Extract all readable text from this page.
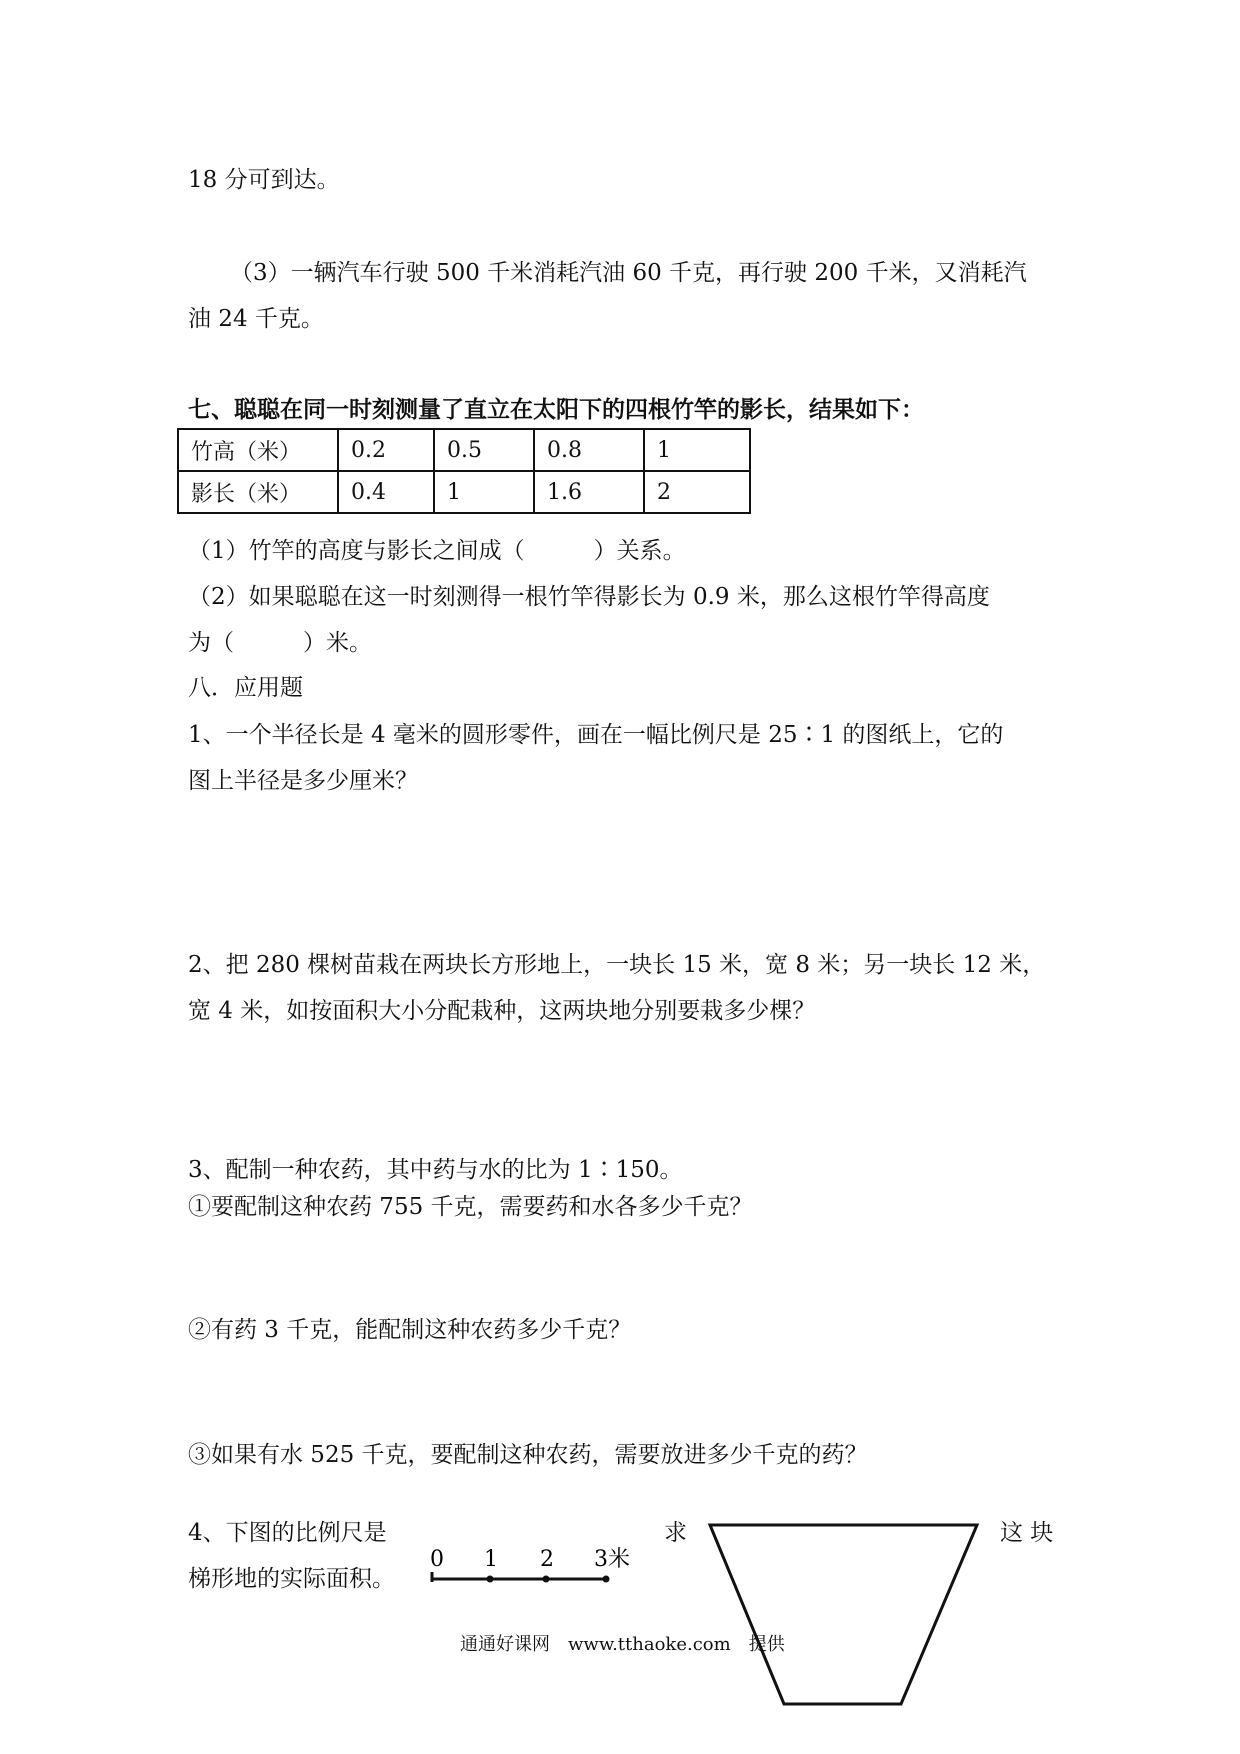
18 分可到达。
（3）一辆汽车行驶 500 千米消耗汽油 60 千克，再行驶 200 千米，又消耗汽
油 24 千克。
七、聪聪在同一时刻测量了直立在太阳下的四根竹竿的影长，结果如下：
竹高（米）	0.2	0.5	0.8	1
影长（米）	0.4	1	1.6	2
（1）竹竿的高度与影长之间成（　　　）关系。
（2）如果聪聪在这一时刻测得一根竹竿得影长为 0.9 米，那么这根竹竿得高度
为（　　　）米。
八．应用题
1、一个半径长是 4 毫米的圆形零件，画在一幅比例尺是 25∶1 的图纸上，它的
图上半径是多少厘米？
2、把 280 棵树苗栽在两块长方形地上，一块长 15 米，宽 8 米；另一块长 12 米，
宽 4 米，如按面积大小分配栽种，这两块地分别要栽多少棵？
3、配制一种农药，其中药与水的比为 1∶150。
①要配制这种农药 755 千克，需要药和水各多少千克？
②有药 3 千克，能配制这种农药多少千克？
③如果有水 525 千克，要配制这种农药，需要放进多少千克的药？
4、下图的比例尺是	求	这 块
梯形地的实际面积。
0 1 2 3米
通通好课网　www.tthaoke.com　提供
